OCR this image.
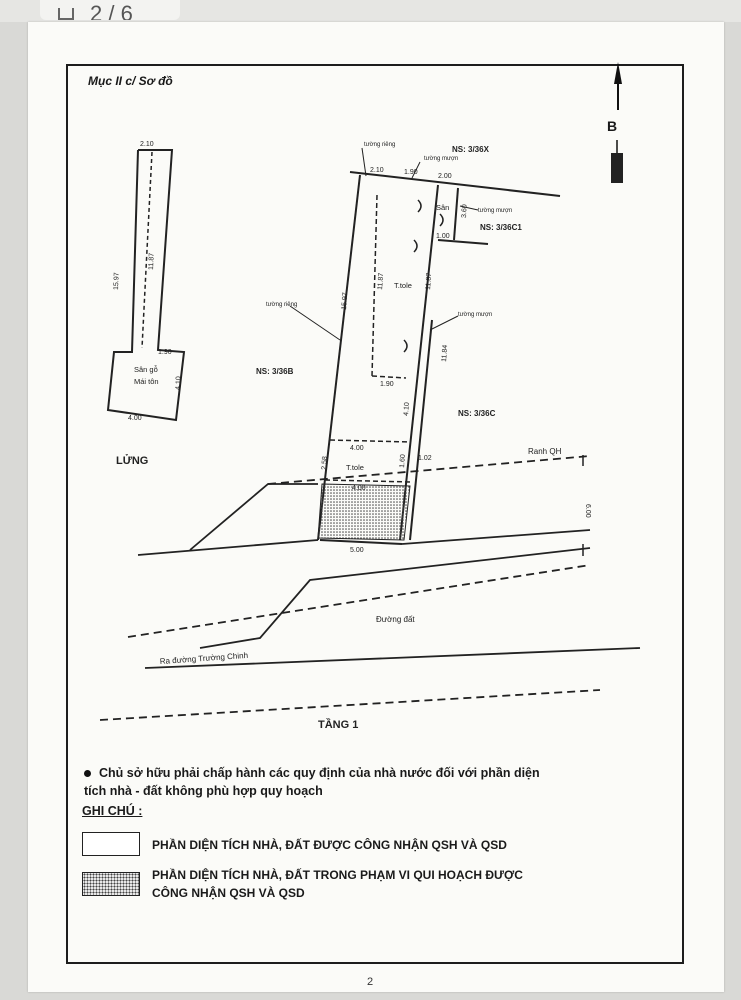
2 / 6
Mục II c/ Sơ đồ
B
2.10
11.87
15.97
1.90
4.10
4.00
2.10	1.90
2.00
3.60
1.00
11.87	11.87
15.97
11.84
1.90
4.10
4.00
2.58	1.60 1.02
4.00
5.00
6.00
tường riêng
tường mượn
tường mượn
tường riêng
tường mượn
NS: 3/36X
NS: 3/36C1
NS: 3/36B
NS: 3/36C
Sân
T.tole
T.tole
Sân gỗ
Mái tôn
Đường đất
Ra đường Trường Chinh
Ranh QH
LỬNG
TẦNG 1
Chủ sở hữu phải chấp hành các quy định của nhà nước đối với phần diện tích nhà - đất không phù hợp quy hoạch
GHI CHÚ :
PHẦN DIỆN TÍCH NHÀ, ĐẤT ĐƯỢC CÔNG NHẬN QSH VÀ QSD
PHẦN DIỆN TÍCH NHÀ, ĐẤT TRONG PHẠM VI QUI HOẠCH ĐƯỢC CÔNG NHẬN QSH VÀ QSD
2
